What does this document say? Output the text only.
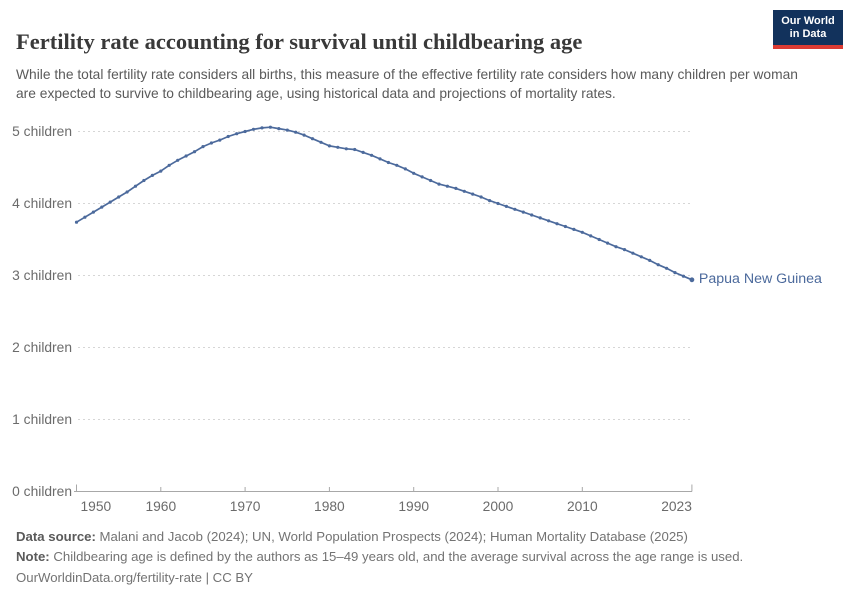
Fertility rate accounting for survival until childbearing age

While the total fertility rate considers all births, this measure of the effective fertility rate considers how many children per woman are expected to survive to childbearing age, using historical data and projections of mortality rates.

Our World
in Data
0 children
1 children
2 children
3 children
4 children
5 children
1950	1960	1970	1980	1990	2000	2010	2023
Papua New Guinea
Data source: Malani and Jacob (2024); UN, World Population Prospects (2024); Human Mortality Database (2025)
Note: Childbearing age is defined by the authors as 15–49 years old, and the average survival across the age range is used.
OurWorldinData.org/fertility-rate | CC BY
